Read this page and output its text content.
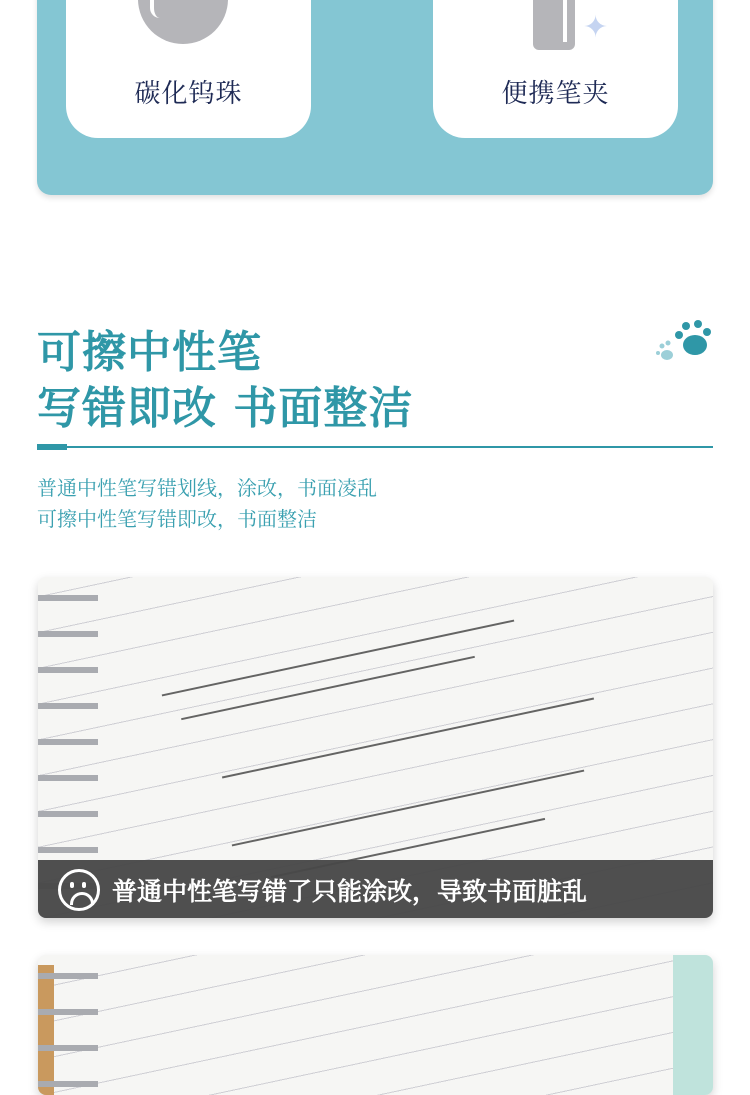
碳化钨珠
✦
便携笔夹
可擦中性笔
写错即改 书面整洁
普通中性笔写错划线，涂改，书面凌乱
可擦中性笔写错即改，书面整洁
普通中性笔写错了只能涂改，导致书面脏乱
